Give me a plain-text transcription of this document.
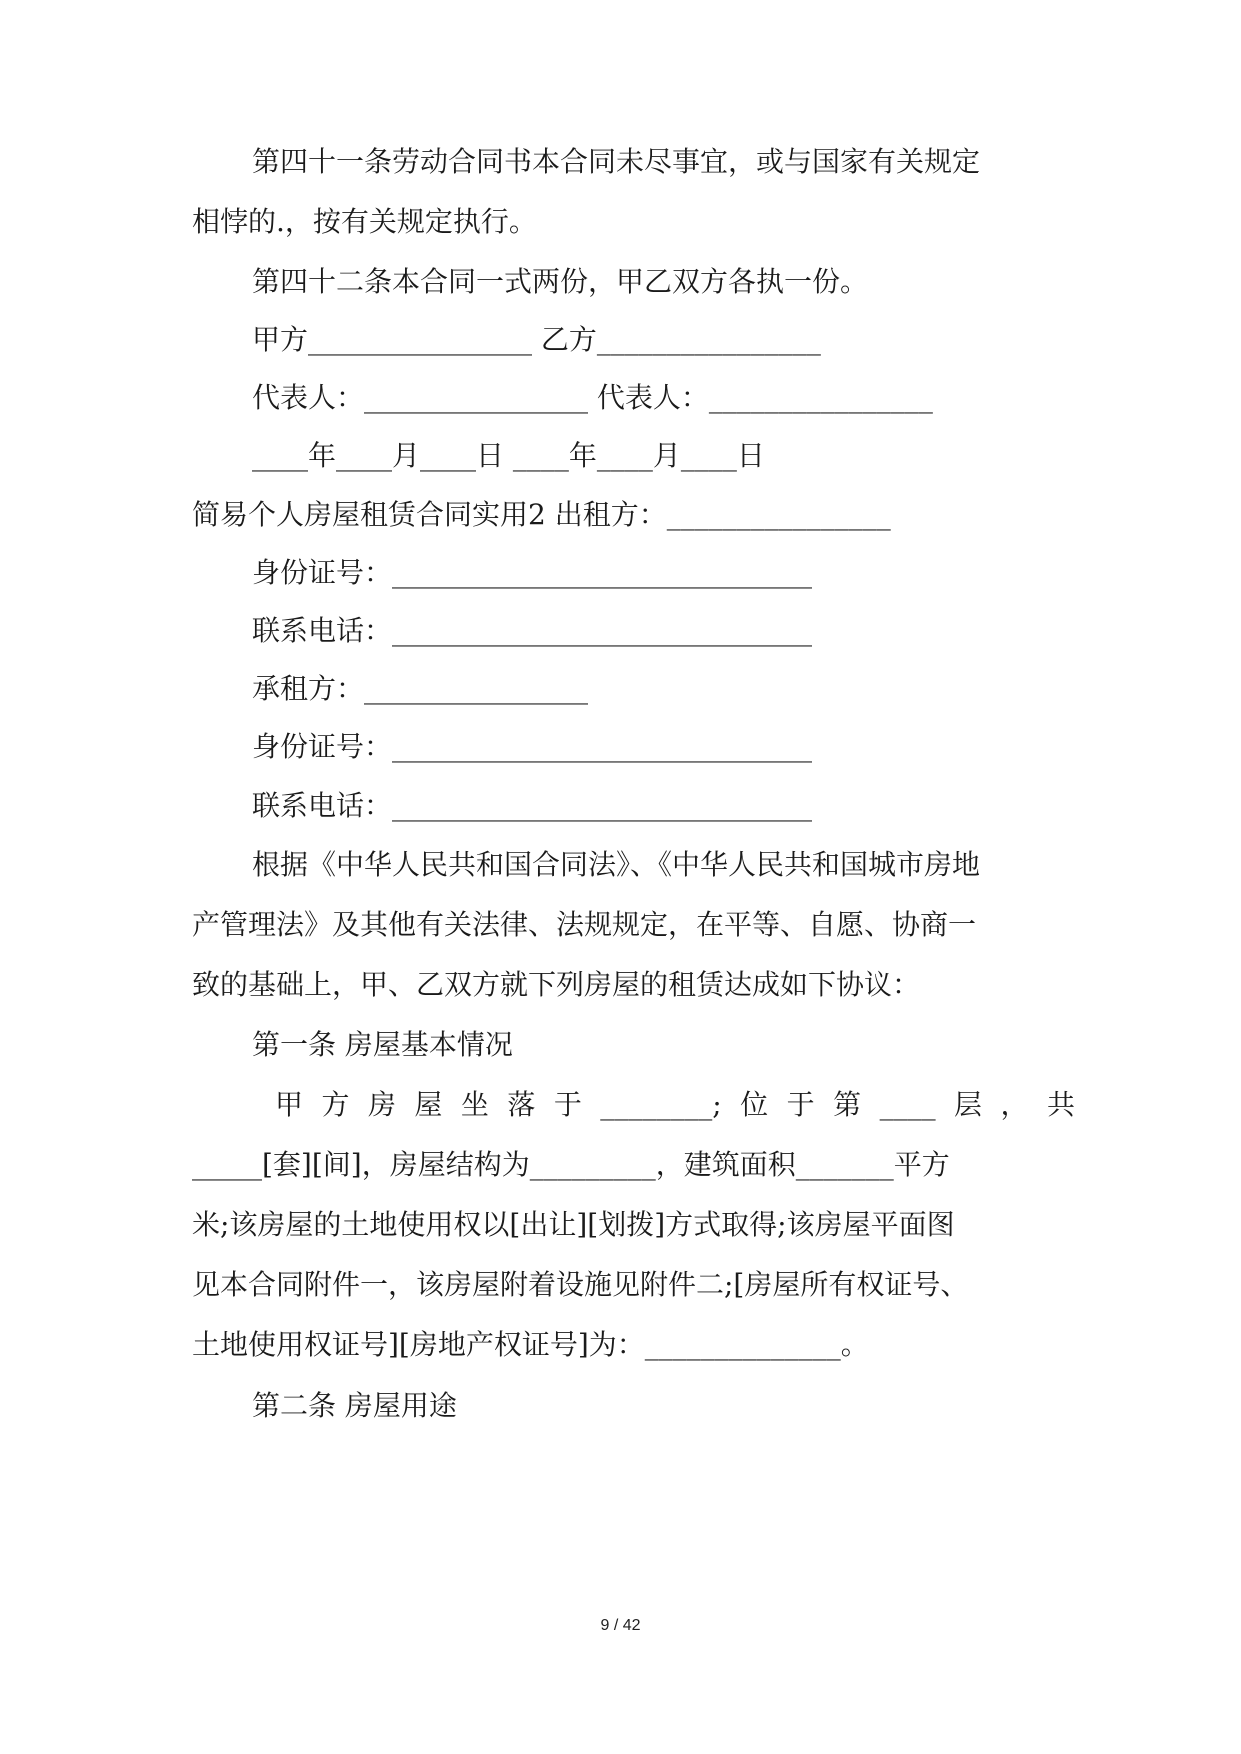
第四十一条劳动合同书本合同未尽事宜，或与国家有关规定
相悖的.，按有关规定执行。
第四十二条本合同一式两份，甲乙双方各执一份。
甲方________________ 乙方________________
代表人：________________ 代表人：________________
____年____月____日 ____年____月____日
简易个人房屋租赁合同实用2 出租方：________________
身份证号：______________________________
联系电话：______________________________
承租方：________________
身份证号：______________________________
联系电话：______________________________
根据《中华人民共和国合同法》、《中华人民共和国城市房地
产管理法》及其他有关法律、法规规定，在平等、自愿、协商一
致的基础上，甲、乙双方就下列房屋的租赁达成如下协议：
第一条 房屋基本情况
甲 方 房 屋 坐 落 于 ________; 位 于 第 ____ 层 ， 共
_____[套][间]，房屋结构为_________，建筑面积_______平方
米;该房屋的土地使用权以[出让][划拨]方式取得;该房屋平面图
见本合同附件一，该房屋附着设施见附件二;[房屋所有权证号、
土地使用权证号][房地产权证号]为：______________。
第二条 房屋用途
9 / 42
